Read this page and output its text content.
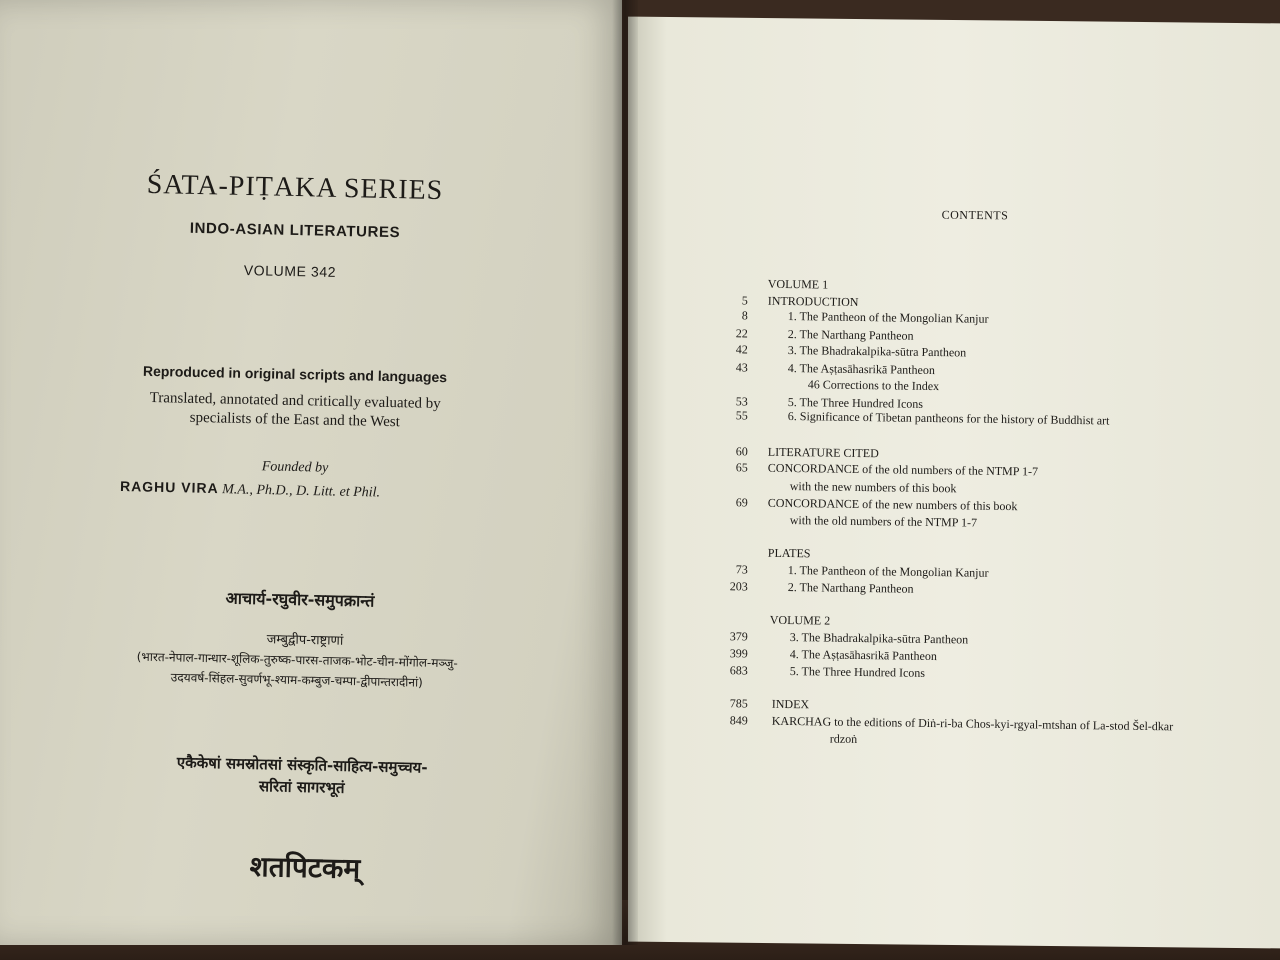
ŚATA-PIṬAKA SERIES
INDO-ASIAN LITERATURES
VOLUME 342
Reproduced in original scripts and languages
Translated, annotated and critically evaluated by
specialists of the East and the West
Founded by
RAGHU VIRA M.A., Ph.D., D. Litt. et Phil.
आचार्य-रघुवीर-समुपक्रान्तं
जम्बुद्वीप-राष्ट्राणां
(भारत-नेपाल-गान्धार-शूलिक-तुरुष्क-पारस-ताजक-भोट-चीन-मोंगोल-मञ्जु-
उदयवर्ष-सिंहल-सुवर्णभू-श्याम-कम्बुज-चम्पा-द्वीपान्तरादीनां)
एकैकेषां समस्रोतसां संस्कृति-साहित्य-समुच्चय-
सरितां सागरभूतं
शतपिटकम्
CONTENTS
VOLUME 1
5 INTRODUCTION
8	1. The Pantheon of the Mongolian Kanjur
22	2. The Narthang Pantheon
42	3. The Bhadrakalpika-sūtra Pantheon
43	4. The Aṣṭasāhasrikā Pantheon
46 Corrections to the Index
53	5. The Three Hundred Icons
55	6. Significance of Tibetan pantheons for the history of Buddhist art
60 LITERATURE CITED
65 CONCORDANCE of the old numbers of the NTMP 1-7
with the new numbers of this book
69 CONCORDANCE of the new numbers of this book
with the old numbers of the NTMP 1-7
PLATES
73	1. The Pantheon of the Mongolian Kanjur
203	2. The Narthang Pantheon
VOLUME 2
379	3. The Bhadrakalpika-sūtra Pantheon
399	4. The Aṣṭasāhasrikā Pantheon
683	5. The Three Hundred Icons
785 INDEX
849 KARCHAG to the editions of Diṅ-ri-ba Chos-kyi-rgyal-mtshan of La-stod Šel-dkar
rdzoṅ
